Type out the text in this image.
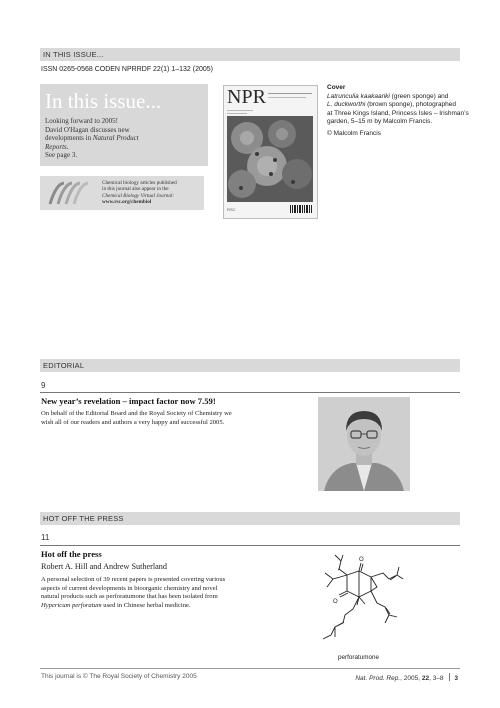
IN THIS ISSUE...
ISSN 0265-0568 CODEN NPRRDF 22(1) 1–132 (2005)
In this issue...
Looking forward to 2005!
David O'Hagan discusses new
developments in Natural Product
Reports.
See page 3.
Chemical biology articles published
in this journal also appear in the
Chemical Biology Virtual Journal:
www.rsc.org/chembiol
NPR
RSC
Cover
Latrunculia kaakaariki (green sponge) and
L. duckworthi (brown sponge), photographed
at Three Kings Island, Princess Isles – Irishman’s
garden, 5–15 m by Malcolm Francis.
© Malcolm Francis
EDITORIAL
9
New year’s revelation – impact factor now 7.59!
On behalf of the Editorial Board and the Royal Society of Chemistry we
wish all of our readers and authors a very happy and successful 2005.
HOT OFF THE PRESS
11
Hot off the press
Robert A. Hill and Andrew Sutherland
A personal selection of 39 recent papers is presented covering various
aspects of current developments in bioorganic chemistry and novel
natural products such as perforatumone that has been isolated from
Hypericum perforatum used in Chinese herbal medicine.
O
O
perforatumone
This journal is © The Royal Society of Chemistry 2005	Nat. Prod. Rep., 2005, 22, 3–8 3
